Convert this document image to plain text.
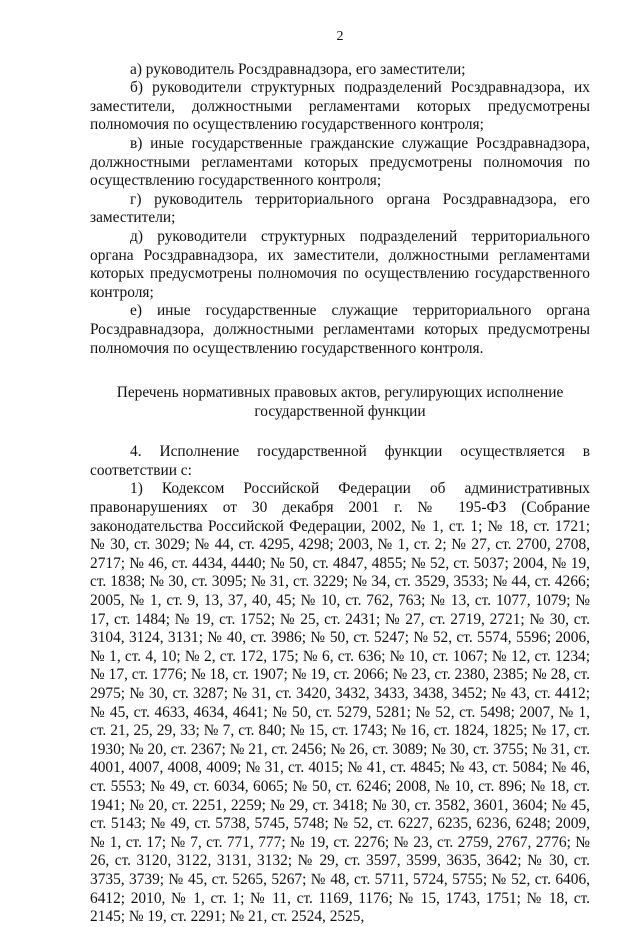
2

а) руководитель Росздравнадзора, его заместители;

б) руководители структурных подразделений Росздравнадзора, их заместители, должностными регламентами которых предусмотрены полномочия по осуществлению государственного контроля;

в) иные государственные гражданские служащие Росздравнадзора, должностными регламентами которых предусмотрены полномочия по осуществлению государственного контроля;

г) руководитель территориального органа Росздравнадзора, его заместители;

д) руководители структурных подразделений территориального органа Росздравнадзора, их заместители, должностными регламентами которых предусмотрены полномочия по осуществлению государственного контроля;

е) иные государственные служащие территориального органа Росздравнадзора, должностными регламентами которых предусмотрены полномочия по осуществлению государственного контроля.

Перечень нормативных правовых актов, регулирующих исполнение
государственной функции

4. Исполнение государственной функции осуществляется в соответствии с:

1) Кодексом Российской Федерации об административных правонарушениях от 30 декабря 2001 г. № 195-ФЗ (Собрание законодательства Российской Федерации, 2002, № 1, ст. 1; № 18, ст. 1721; № 30, ст. 3029; № 44, ст. 4295, 4298; 2003, № 1, ст. 2; № 27, ст. 2700, 2708, 2717; № 46, ст. 4434, 4440; № 50, ст. 4847, 4855; № 52, ст. 5037; 2004, № 19, ст. 1838; № 30, ст. 3095; № 31, ст. 3229; № 34, ст. 3529, 3533; № 44, ст. 4266; 2005, № 1, ст. 9, 13, 37, 40, 45; № 10, ст. 762, 763; № 13, ст. 1077, 1079; № 17, ст. 1484; № 19, ст. 1752; № 25, ст. 2431; № 27, ст. 2719, 2721; № 30, ст. 3104, 3124, 3131; № 40, ст. 3986; № 50, ст. 5247; № 52, ст. 5574, 5596; 2006, № 1, ст. 4, 10; № 2, ст. 172, 175; № 6, ст. 636; № 10, ст. 1067; № 12, ст. 1234; № 17, ст. 1776; № 18, ст. 1907; № 19, ст. 2066; № 23, ст. 2380, 2385; № 28, ст. 2975; № 30, ст. 3287; № 31, ст. 3420, 3432, 3433, 3438, 3452; № 43, ст. 4412; № 45, ст. 4633, 4634, 4641; № 50, ст. 5279, 5281; № 52, ст. 5498; 2007, № 1, ст. 21, 25, 29, 33; № 7, ст. 840; № 15, ст. 1743; № 16, ст. 1824, 1825; № 17, ст. 1930; № 20, ст. 2367; № 21, ст. 2456; № 26, ст. 3089; № 30, ст. 3755; № 31, ст. 4001, 4007, 4008, 4009; № 31, ст. 4015; № 41, ст. 4845; № 43, ст. 5084; № 46, ст. 5553; № 49, ст. 6034, 6065; № 50, ст. 6246; 2008, № 10, ст. 896; № 18, ст. 1941; № 20, ст. 2251, 2259; № 29, ст. 3418; № 30, ст. 3582, 3601, 3604; № 45, ст. 5143; № 49, ст. 5738, 5745, 5748; № 52, ст. 6227, 6235, 6236, 6248; 2009, № 1, ст. 17; № 7, ст. 771, 777; № 19, ст. 2276; № 23, ст. 2759, 2767, 2776; № 26, ст. 3120, 3122, 3131, 3132; № 29, ст. 3597, 3599, 3635, 3642; № 30, ст. 3735, 3739; № 45, ст. 5265, 5267; № 48, ст. 5711, 5724, 5755; № 52, ст. 6406, 6412; 2010, № 1, ст. 1; № 11, ст. 1169, 1176; № 15, 1743, 1751; № 18, ст. 2145; № 19, ст. 2291; № 21, ст. 2524, 2525,
